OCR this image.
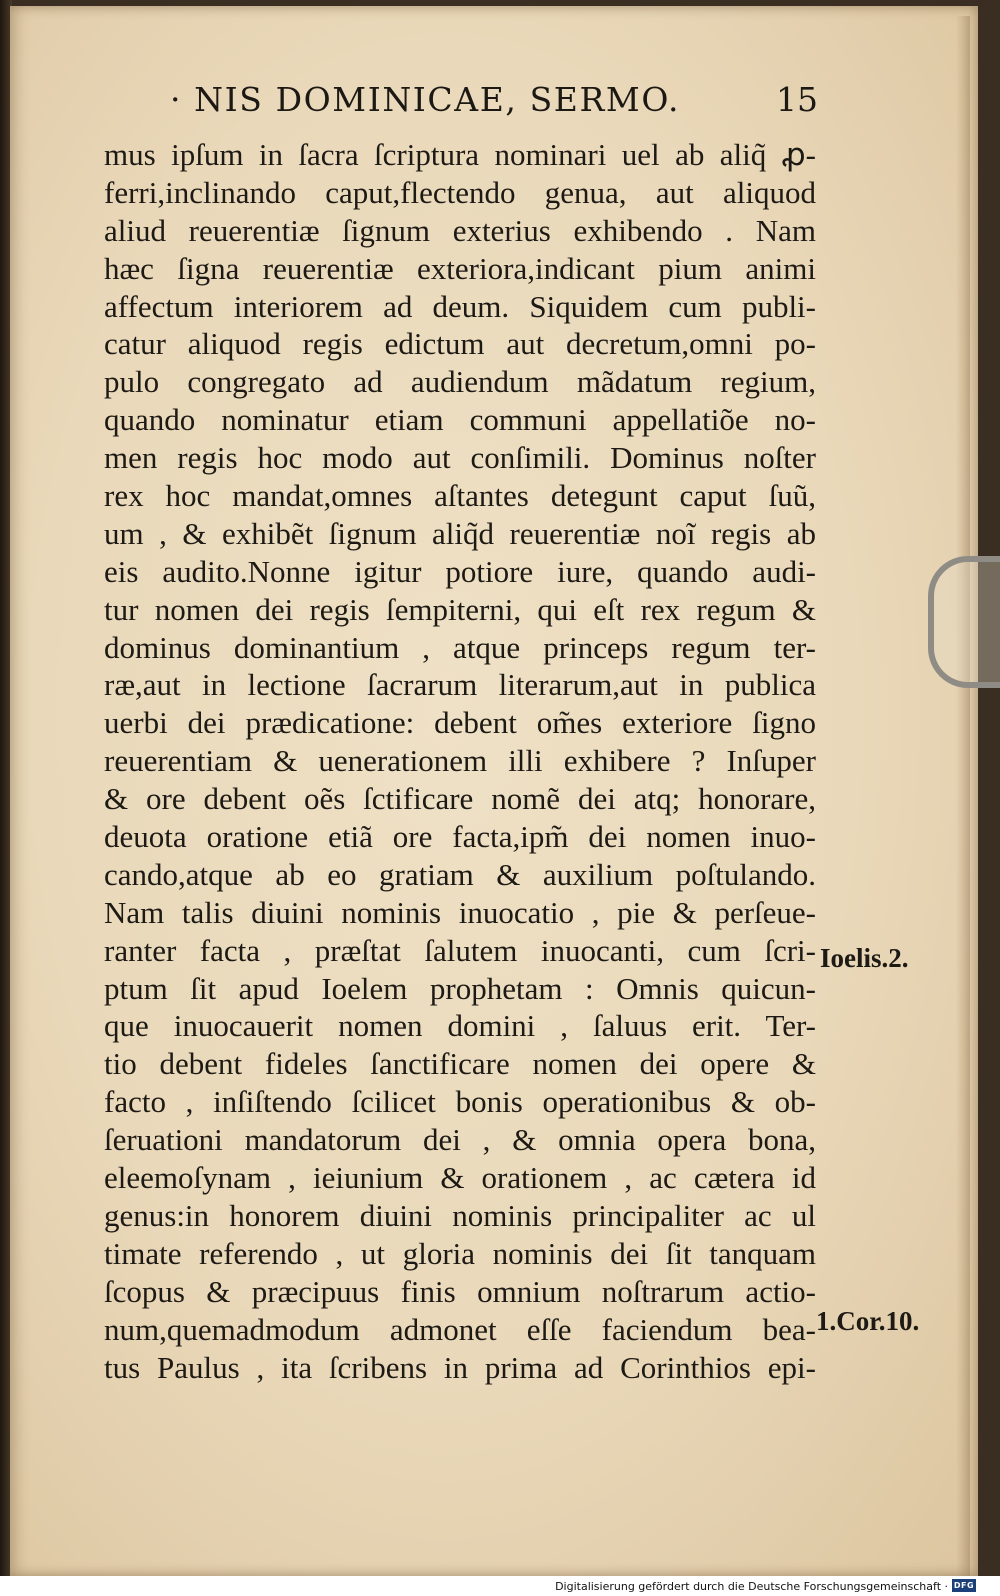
· NIS DOMINICAE, SERMO.	15
mus ipſum in ſacra ſcriptura nominari uel ab aliq̃ ꝓ-
ferri,inclinando caput,flectendo genua, aut aliquod
aliud reuerentiæ ſignum exterius exhibendo . Nam
hæc ſigna reuerentiæ exteriora,indicant pium animi
affectum interiorem ad deum. Siquidem cum publi-
catur aliquod regis edictum aut decretum,omni po-
pulo congregato ad audiendum mãdatum regium,
quando nominatur etiam communi appellatiõe no-
men regis hoc modo aut conſimili. Dominus noſter
rex hoc mandat,omnes aſtantes detegunt caput ſuũ,
um , & exhibẽt ſignum aliq̃d reuerentiæ noĩ regis ab
eis audito.Nonne igitur potiore iure, quando audi-
tur nomen dei regis ſempiterni, qui eſt rex regum &
dominus dominantium , atque princeps regum ter-
ræ,aut in lectione ſacrarum literarum,aut in publica
uerbi dei prædicatione: debent om̃es exteriore ſigno
reuerentiam & uenerationem illi exhibere ? Inſuper
& ore debent oẽs ſctificare nomẽ dei atq; honorare,
deuota oratione etiã ore facta,ipm̃ dei nomen inuo-
cando,atque ab eo gratiam & auxilium poſtulando.
Nam talis diuini nominis inuocatio , pie & perſeue-
ranter facta , præſtat ſalutem inuocanti, cum ſcri-
ptum ſit apud Ioelem prophetam : Omnis quicun-
que inuocauerit nomen domini , ſaluus erit. Ter-
tio debent fideles ſanctificare nomen dei opere &
facto , inſiſtendo ſcilicet bonis operationibus & ob-
ſeruationi mandatorum dei , & omnia opera bona,
eleemoſynam , ieiunium & orationem , ac cætera id
genus:in honorem diuini nominis principaliter ac ul
timate referendo , ut gloria nominis dei ſit tanquam
ſcopus & præcipuus finis omnium noſtrarum actio-
num,quemadmodum admonet eſſe faciendum bea-
tus Paulus , ita ſcribens in prima ad Corinthios epi-
Ioelis.2.
1.Cor.10.
Digitalisierung gefördert durch die Deutsche Forschungsgemeinschaft · DFG
